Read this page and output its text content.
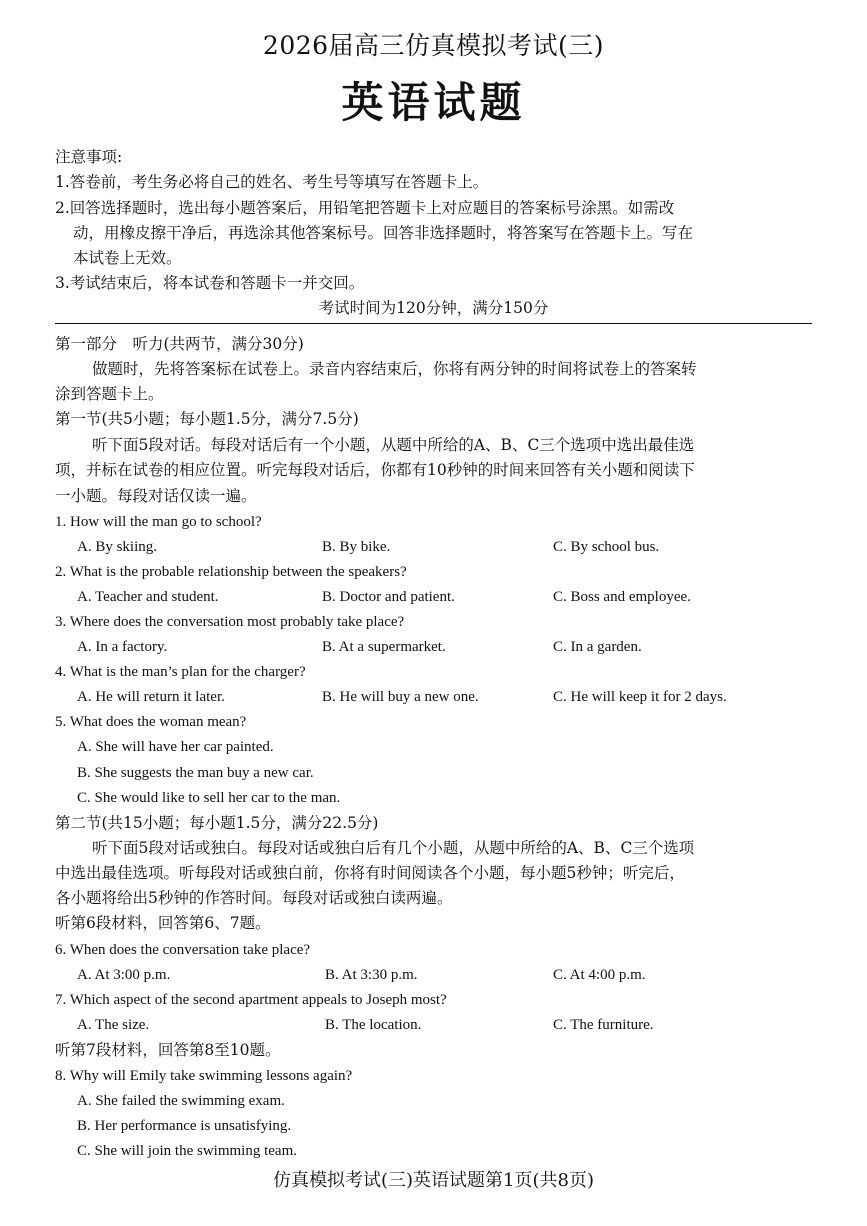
2026届高三仿真模拟考试(三)
英语试题
注意事项:
1.答卷前，考生务必将自己的姓名、考生号等填写在答题卡上。
2.回答选择题时，选出每小题答案后，用铅笔把答题卡上对应题目的答案标号涂黑。如需改
动，用橡皮擦干净后，再选涂其他答案标号。回答非选择题时，将答案写在答题卡上。写在
本试卷上无效。
3.考试结束后，将本试卷和答题卡一并交回。
考试时间为120分钟，满分150分
第一部分　听力(共两节，满分30分)
做题时，先将答案标在试卷上。录音内容结束后，你将有两分钟的时间将试卷上的答案转
涂到答题卡上。
第一节(共5小题；每小题1.5分，满分7.5分)
听下面5段对话。每段对话后有一个小题，从题中所给的A、B、C三个选项中选出最佳选
项，并标在试卷的相应位置。听完每段对话后，你都有10秒钟的时间来回答有关小题和阅读下
一小题。每段对话仅读一遍。
1. How will the man go to school?
A. By skiing.	B. By bike.	C. By school bus.
2. What is the probable relationship between the speakers?
A. Teacher and student.	B. Doctor and patient.	C. Boss and employee.
3. Where does the conversation most probably take place?
A. In a factory.	B. At a supermarket.	C. In a garden.
4. What is the man’s plan for the charger?
A. He will return it later.	B. He will buy a new one.	C. He will keep it for 2 days.
5. What does the woman mean?
A. She will have her car painted.
B. She suggests the man buy a new car.
C. She would like to sell her car to the man.
第二节(共15小题；每小题1.5分，满分22.5分)
听下面5段对话或独白。每段对话或独白后有几个小题，从题中所给的A、B、C三个选项
中选出最佳选项。听每段对话或独白前，你将有时间阅读各个小题，每小题5秒钟；听完后，
各小题将给出5秒钟的作答时间。每段对话或独白读两遍。
听第6段材料，回答第6、7题。
6. When does the conversation take place?
A. At 3:00 p.m.	B. At 3:30 p.m.	C. At 4:00 p.m.
7. Which aspect of the second apartment appeals to Joseph most?
A. The size.	B. The location.	C. The furniture.
听第7段材料，回答第8至10题。
8. Why will Emily take swimming lessons again?
A. She failed the swimming exam.
B. Her performance is unsatisfying.
C. She will join the swimming team.
仿真模拟考试(三)英语试题第1页(共8页)
